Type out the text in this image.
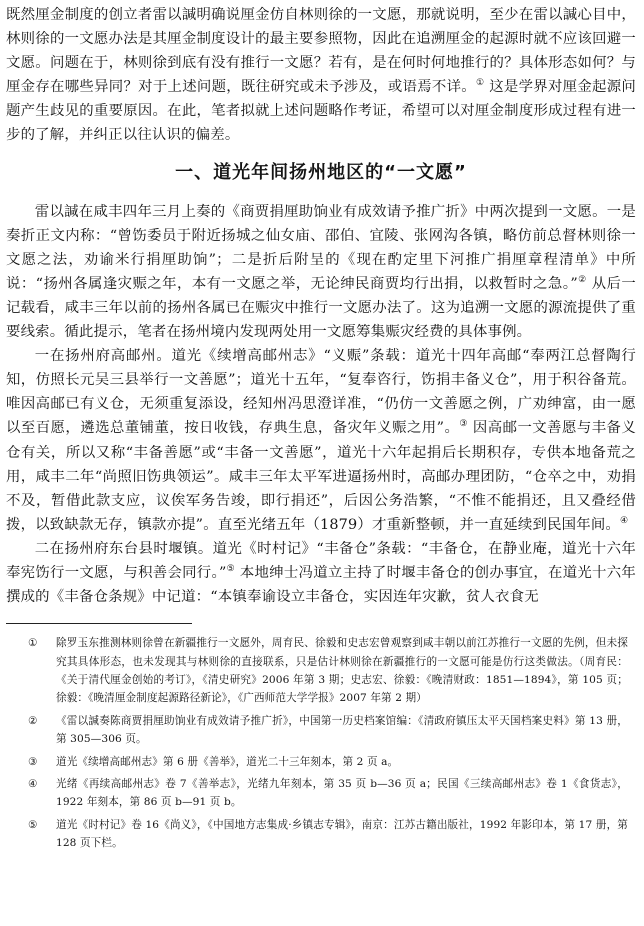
既然厘金制度的创立者雷以諴明确说厘金仿自林则徐的一文愿，那就说明，至少在雷以諴心目中，林则徐的一文愿办法是其厘金制度设计的最主要参照物，因此在追溯厘金的起源时就不应该回避一文愿。问题在于，林则徐到底有没有推行一文愿？若有，是在何时何地推行的？具体形态如何？与厘金存在哪些异同？对于上述问题，既往研究或未予涉及，或语焉不详。① 这是学界对厘金起源问题产生歧见的重要原因。在此，笔者拟就上述问题略作考证，希望可以对厘金制度形成过程有进一步的了解，并纠正以往认识的偏差。

一、道光年间扬州地区的“一文愿”

雷以諴在咸丰四年三月上奏的《商贾捐厘助饷业有成效请予推广折》中两次提到一文愿。一是奏折正文内称：“曾饬委员于附近扬城之仙女庙、邵伯、宜陵、张网沟各镇，略仿前总督林则徐一文愿之法，劝谕米行捐厘助饷”；二是折后附呈的《现在酌定里下河推广捐厘章程清单》中所说：“扬州各属逢灾赈之年，本有一文愿之举，无论绅民商贾均行出捐，以救暂时之急。”② 从后一记载看，咸丰三年以前的扬州各属已在赈灾中推行一文愿办法了。这为追溯一文愿的源流提供了重要线索。循此提示，笔者在扬州境内发现两处用一文愿筹集赈灾经费的具体事例。

一在扬州府高邮州。道光《续增高邮州志》“义赈”条载：道光十四年高邮“奉两江总督陶行知，仿照长元吴三县举行一文善愿”；道光十五年，“复奉咨行，饬捐丰备义仓”，用于积谷备荒。唯因高邮已有义仓，无须重复添设，经知州冯思澄详准，“仍仿一文善愿之例，广劝绅富，由一愿以至百愿，遴选总董铺董，按日收钱，存典生息，备灾年义赈之用”。③ 因高邮一文善愿与丰备义仓有关，所以又称“丰备善愿”或“丰备一文善愿”，道光十六年起捐后长期积存，专供本地备荒之用，咸丰二年“尚照旧饬典领运”。咸丰三年太平军进逼扬州时，高邮办理团防，“仓卒之中，劝捐不及，暂借此款支应，议俟军务告竣，即行捐还”，后因公务浩繁，“不惟不能捐还，且又叠经借拨，以致缺款无存，镇款亦提”。直至光绪五年（1879）才重新整顿，并一直延续到民国年间。④

二在扬州府东台县时堰镇。道光《时村记》“丰备仓”条载：“丰备仓，在静业庵，道光十六年奉宪饬行一文愿，与积善会同行。”⑤ 本地绅士冯道立主持了时堰丰备仓的创办事宜，在道光十六年撰成的《丰备仓条规》中记道：“本镇奉谕设立丰备仓，实因连年灾歉，贫人衣食无

①	除罗玉东推测林则徐曾在新疆推行一文愿外，周育民、徐毅和史志宏曾观察到咸丰朝以前江苏推行一文愿的先例，但未探究其具体形态，也未发现其与林则徐的直接联系，只是估计林则徐在新疆推行的一文愿可能是仿行这类做法。（周育民：《关于清代厘金创始的考订》，《清史研究》2006 年第 3 期；史志宏、徐毅：《晚清财政：1851—1894》，第 105 页；徐毅：《晚清厘金制度起源路径新论》，《广西师范大学学报》2007 年第 2 期）
②	《雷以諴奏陈商贾捐厘助饷业有成效请予推广折》，中国第一历史档案馆编：《清政府镇压太平天国档案史料》第 13 册，第 305—306 页。
③	道光《续增高邮州志》第 6 册《善举》，道光二十三年刻本，第 2 页 a。
④	光绪《再续高邮州志》卷 7《善举志》，光绪九年刻本，第 35 页 b—36 页 a；民国《三续高邮州志》卷 1《食货志》，1922 年刻本，第 86 页 b—91 页 b。
⑤	道光《时村记》卷 16《尚义》，《中国地方志集成·乡镇志专辑》，南京：江苏古籍出版社，1992 年影印本，第 17 册，第 128 页下栏。
